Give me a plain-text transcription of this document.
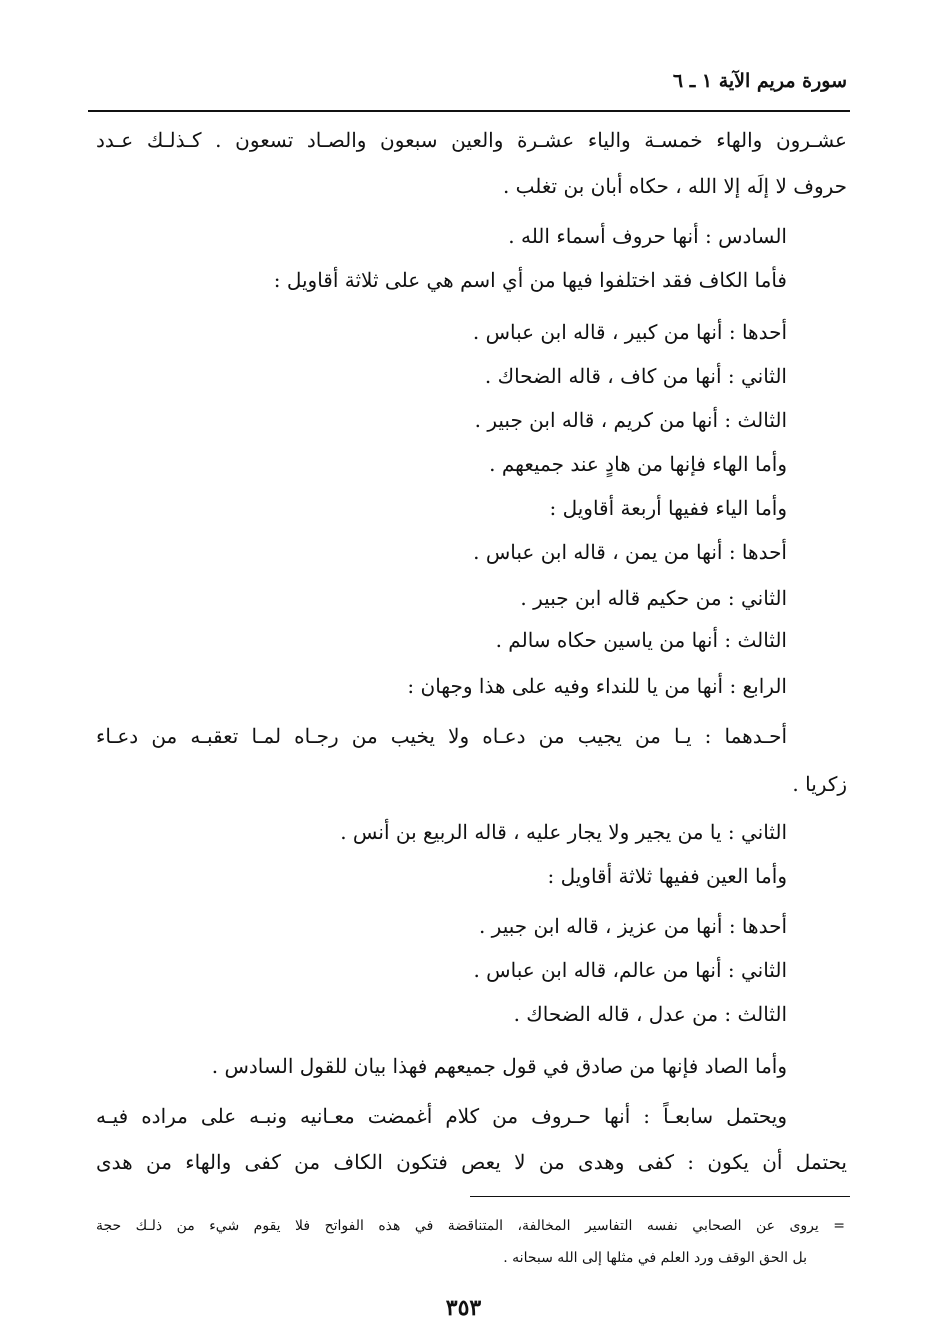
سورة مريم الآية ١ ـ ٦
عشـرون والهاء خمسـة والياء عشـرة والعين سبعون والصـاد تسعون . كـذلـك عـدد
حروف لا إلَه إلا الله ، حكاه أبان بن تغلب .
السادس : أنها حروف أسماء الله .
فأما الكاف فقد اختلفوا فيها من أي اسم هي على ثلاثة أقاويل :
أحدها : أنها من كبير ، قاله ابن عباس .
الثاني : أنها من كاف ، قاله الضحاك .
الثالث : أنها من كريم ، قاله ابن جبير .
وأما الهاء فإنها من هادٍ عند جميعهم .
وأما الياء ففيها أربعة أقاويل :
أحدها : أنها من يمن ، قاله ابن عباس .
الثاني : من حكيم قاله ابن جبير .
الثالث : أنها من ياسين حكاه سالم .
الرابع : أنها من يا للنداء وفيه على هذا وجهان :
أحـدهما : يـا من يجيب من دعـاه ولا يخيب من رجـاه لمـا تعقبـه من دعـاء
زكريا .
الثاني : يا من يجير ولا يجار عليه ، قاله الربيع بن أنس .
وأما العين ففيها ثلاثة أقاويل :
أحدها : أنها من عزيز ، قاله ابن جبير .
الثاني : أنها من عالم، قاله ابن عباس .
الثالث : من عدل ، قاله الضحاك .
وأما الصاد فإنها من صادق في قول جميعهم فهذا بيان للقول السادس .
ويحتمل سابعـاً : أنها حـروف من كلام أغمضت معـانيه ونبـه على مراده فيـه
يحتمل أن يكون : كفى وهدى من لا يعص فتكون الكاف من كفى والهاء من هدى
= يروى عن الصحابي نفسه التفاسير المخالفة، المتناقضة في هذه الفواتح فلا يقوم شيء من ذلـك حجة
بل الحق الوقف ورد العلم في مثلها إلى الله سبحانه .
٣٥٣
